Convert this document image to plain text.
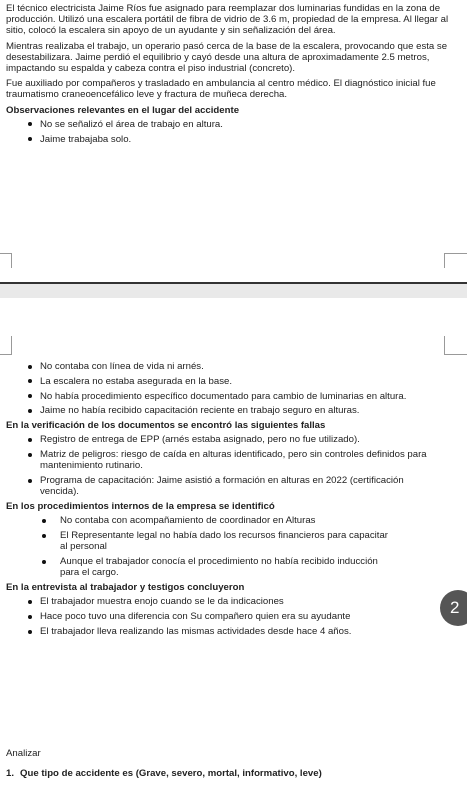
El técnico electricista Jaime Ríos fue asignado para reemplazar dos luminarias fundidas en la zona de producción. Utilizó una escalera portátil de fibra de vidrio de 3.6 m, propiedad de la empresa. Al llegar al sitio, colocó la escalera sin apoyo de un ayudante y sin señalización del área.

Mientras realizaba el trabajo, un operario pasó cerca de la base de la escalera, provocando que esta se desestabilizara. Jaime perdió el equilibrio y cayó desde una altura de aproximadamente 2.5 metros, impactando su espalda y cabeza contra el piso industrial (concreto).

Fue auxiliado por compañeros y trasladado en ambulancia al centro médico. El diagnóstico inicial fue traumatismo craneoencefálico leve y fractura de muñeca derecha.

Observaciones relevantes en el lugar del accidente
No se señalizó el área de trabajo en altura.
Jaime trabajaba solo.
No contaba con línea de vida ni arnés.
La escalera no estaba asegurada en la base.
No había procedimiento específico documentado para cambio de luminarias en altura.
Jaime no había recibido capacitación reciente en trabajo seguro en alturas.
En la verificación de los documentos se encontró las siguientes fallas
Registro de entrega de EPP (arnés estaba asignado, pero no fue utilizado).
Matriz de peligros: riesgo de caída en alturas identificado, pero sin controles definidos para mantenimiento rutinario.
Programa de capacitación: Jaime asistió a formación en alturas en 2022 (certificación vencida).
En los procedimientos internos de la empresa se identificó
No contaba con acompañamiento de coordinador en Alturas
El Representante legal no había dado los recursos financieros para capacitar al personal
Aunque el trabajador conocía el procedimiento no había recibido inducción para el cargo.
En la entrevista al trabajador y testigos concluyeron
El trabajador muestra enojo cuando se le da indicaciones
Hace poco tuvo una diferencia con Su compañero quien era su ayudante
El trabajador lleva realizando las mismas actividades desde hace 4 años.
2
Analizar
1. Que tipo de accidente es (Grave, severo, mortal, informativo, leve)
